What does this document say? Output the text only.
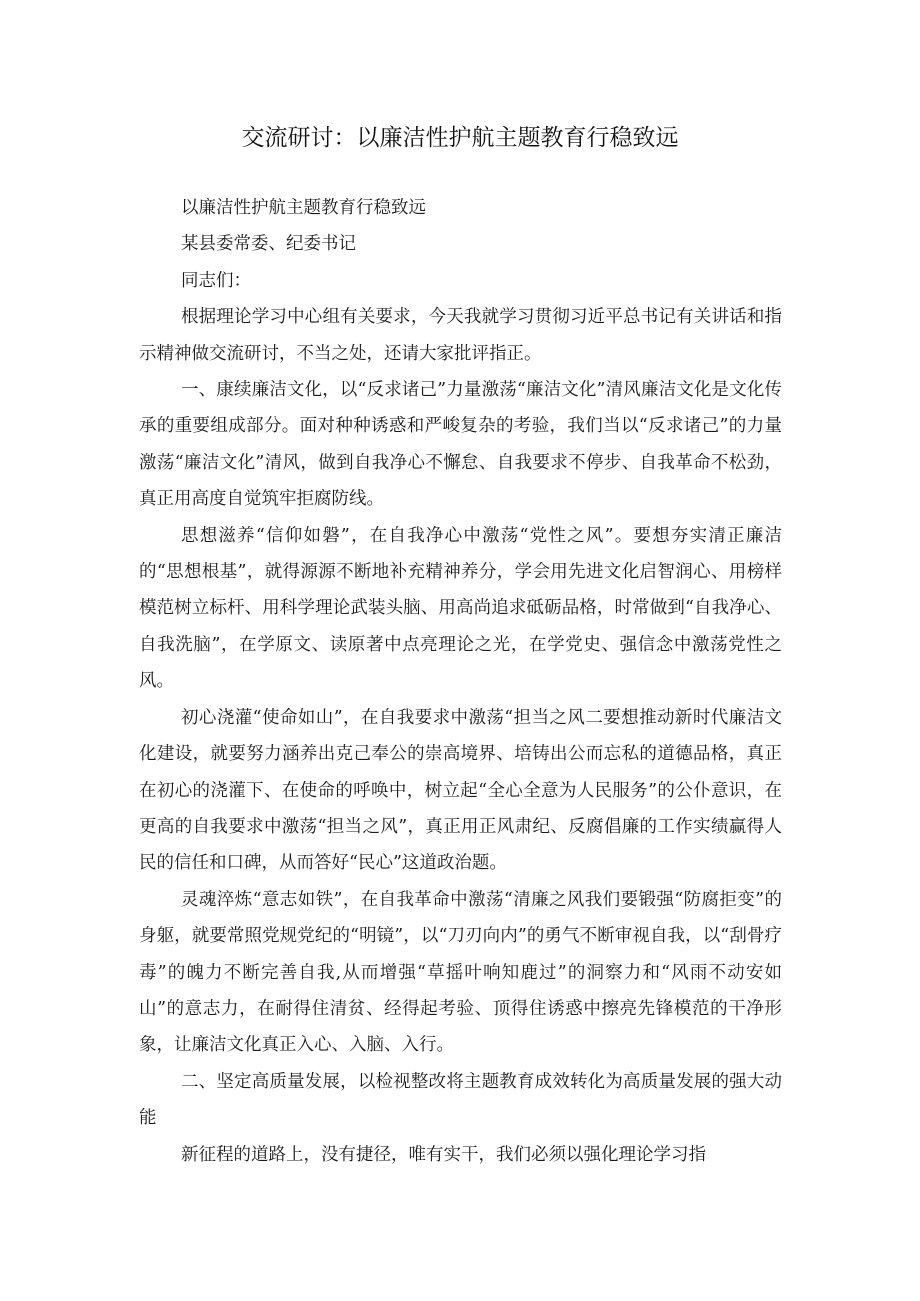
交流研讨：以廉洁性护航主题教育行稳致远
以廉洁性护航主题教育行稳致远
某县委常委、纪委书记
同志们：
根据理论学习中心组有关要求，今天我就学习贯彻习近平总书记有关讲话和指示精神做交流研讨，不当之处，还请大家批评指正。
一、康续廉洁文化，以“反求诸己”力量激荡“廉洁文化”清风廉洁文化是文化传承的重要组成部分。面对种种诱惑和严峻复杂的考验，我们当以“反求诸己”的力量激荡“廉洁文化”清风，做到自我净心不懈怠、自我要求不停步、自我革命不松劲，真正用高度自觉筑牢拒腐防线。
思想滋养“信仰如磐”，在自我净心中激荡“党性之风”。要想夯实清正廉洁的“思想根基”，就得源源不断地补充精神养分，学会用先进文化启智润心、用榜样模范树立标杆、用科学理论武装头脑、用高尚追求砥砺品格，时常做到“自我净心、自我洗脑”，在学原文、读原著中点亮理论之光，在学党史、强信念中激荡党性之风。
初心浇灌“使命如山”，在自我要求中激荡“担当之风二要想推动新时代廉洁文化建设，就要努力涵养出克己奉公的崇高境界、培铸出公而忘私的道德品格，真正在初心的浇灌下、在使命的呼唤中，树立起“全心全意为人民服务”的公仆意识，在更高的自我要求中激荡“担当之风”，真正用正风肃纪、反腐倡廉的工作实绩赢得人民的信任和口碑，从而答好“民心”这道政治题。
灵魂淬炼“意志如铁”，在自我革命中激荡“清廉之风我们要锻强“防腐拒变”的身躯，就要常照党规党纪的“明镜”，以“刀刃向内”的勇气不断审视自我，以“刮骨疗毒”的魄力不断完善自我,从而增强“草摇叶响知鹿过”的洞察力和“风雨不动安如山”的意志力，在耐得住清贫、经得起考验、顶得住诱惑中擦亮先锋模范的干净形象，让廉洁文化真正入心、入脑、入行。
二、坚定高质量发展，以检视整改将主题教育成效转化为高质量发展的强大动能
新征程的道路上，没有捷径，唯有实干，我们必须以强化理论学习指
